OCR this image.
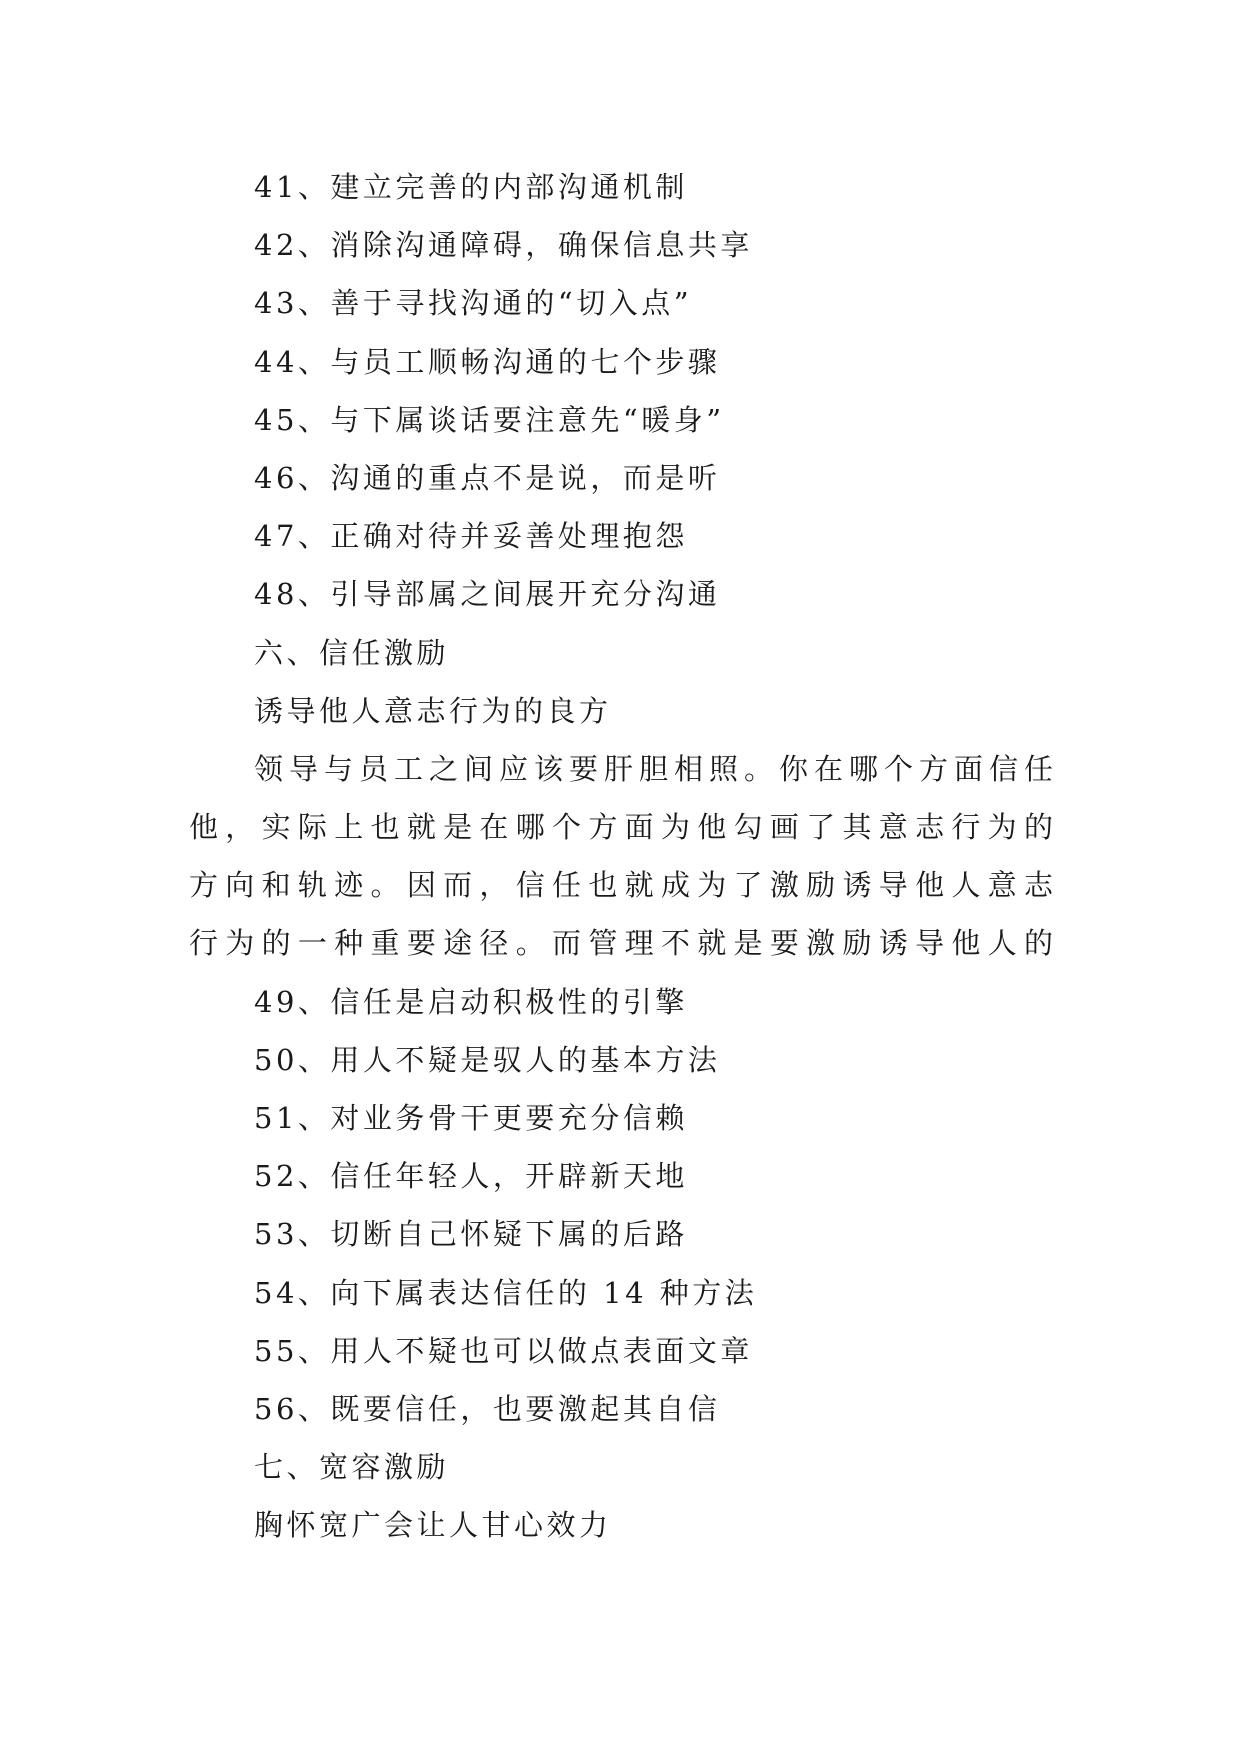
41、建立完善的内部沟通机制
42、消除沟通障碍，确保信息共享
43、善于寻找沟通的“切入点”
44、与员工顺畅沟通的七个步骤
45、与下属谈话要注意先“暖身”
46、沟通的重点不是说，而是听
47、正确对待并妥善处理抱怨
48、引导部属之间展开充分沟通
六、信任激励
诱导他人意志行为的良方

领导与员工之间应该要肝胆相照。你在哪个方面信任他，实际上也就是在哪个方面为他勾画了其意志行为的方向和轨迹。因而，信任也就成为了激励诱导他人意志行为的一种重要途径。而管理不就是要激励诱导他人的

49、信任是启动积极性的引擎
50、用人不疑是驭人的基本方法
51、对业务骨干更要充分信赖
52、信任年轻人，开辟新天地
53、切断自己怀疑下属的后路
54、向下属表达信任的 14 种方法
55、用人不疑也可以做点表面文章
56、既要信任，也要激起其自信
七、宽容激励
胸怀宽广会让人甘心效力
